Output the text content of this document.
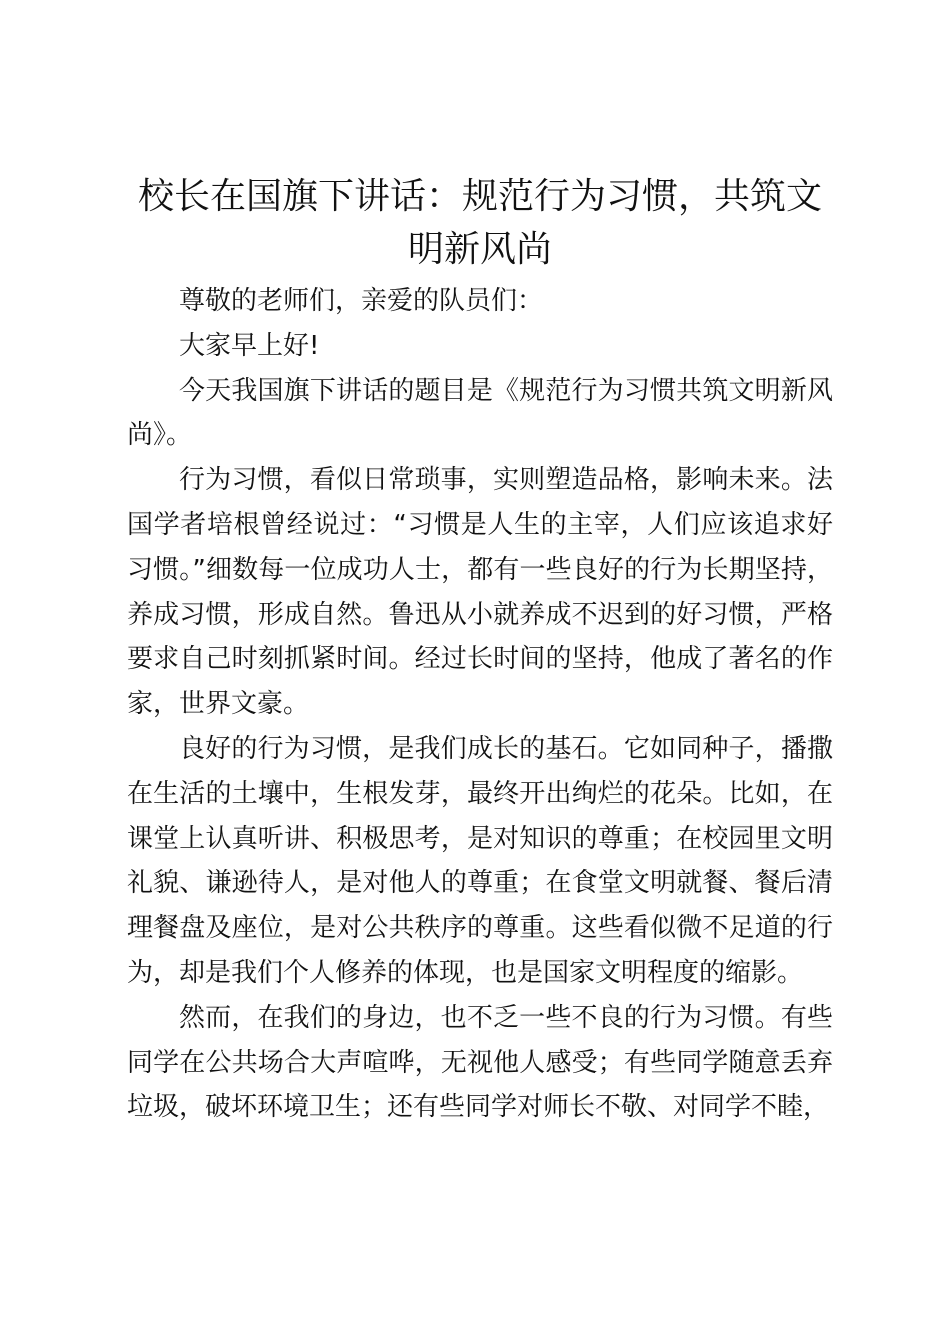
校长在国旗下讲话：规范行为习惯，共筑文明新风尚

尊敬的老师们，亲爱的队员们：

大家早上好!

今天我国旗下讲话的题目是《规范行为习惯共筑文明新风尚》。

行为习惯，看似日常琐事，实则塑造品格，影响未来。法国学者培根曾经说过：“习惯是人生的主宰，人们应该追求好习惯。”细数每一位成功人士，都有一些良好的行为长期坚持，养成习惯，形成自然。鲁迅从小就养成不迟到的好习惯，严格要求自己时刻抓紧时间。经过长时间的坚持，他成了著名的作家，世界文豪。

良好的行为习惯，是我们成长的基石。它如同种子，播撒在生活的土壤中，生根发芽，最终开出绚烂的花朵。比如，在课堂上认真听讲、积极思考，是对知识的尊重；在校园里文明礼貌、谦逊待人，是对他人的尊重；在食堂文明就餐、餐后清理餐盘及座位，是对公共秩序的尊重。这些看似微不足道的行为，却是我们个人修养的体现，也是国家文明程度的缩影。

然而，在我们的身边，也不乏一些不良的行为习惯。有些同学在公共场合大声喧哗，无视他人感受；有些同学随意丢弃垃圾，破坏环境卫生；还有些同学对师长不敬、对同学不睦，
